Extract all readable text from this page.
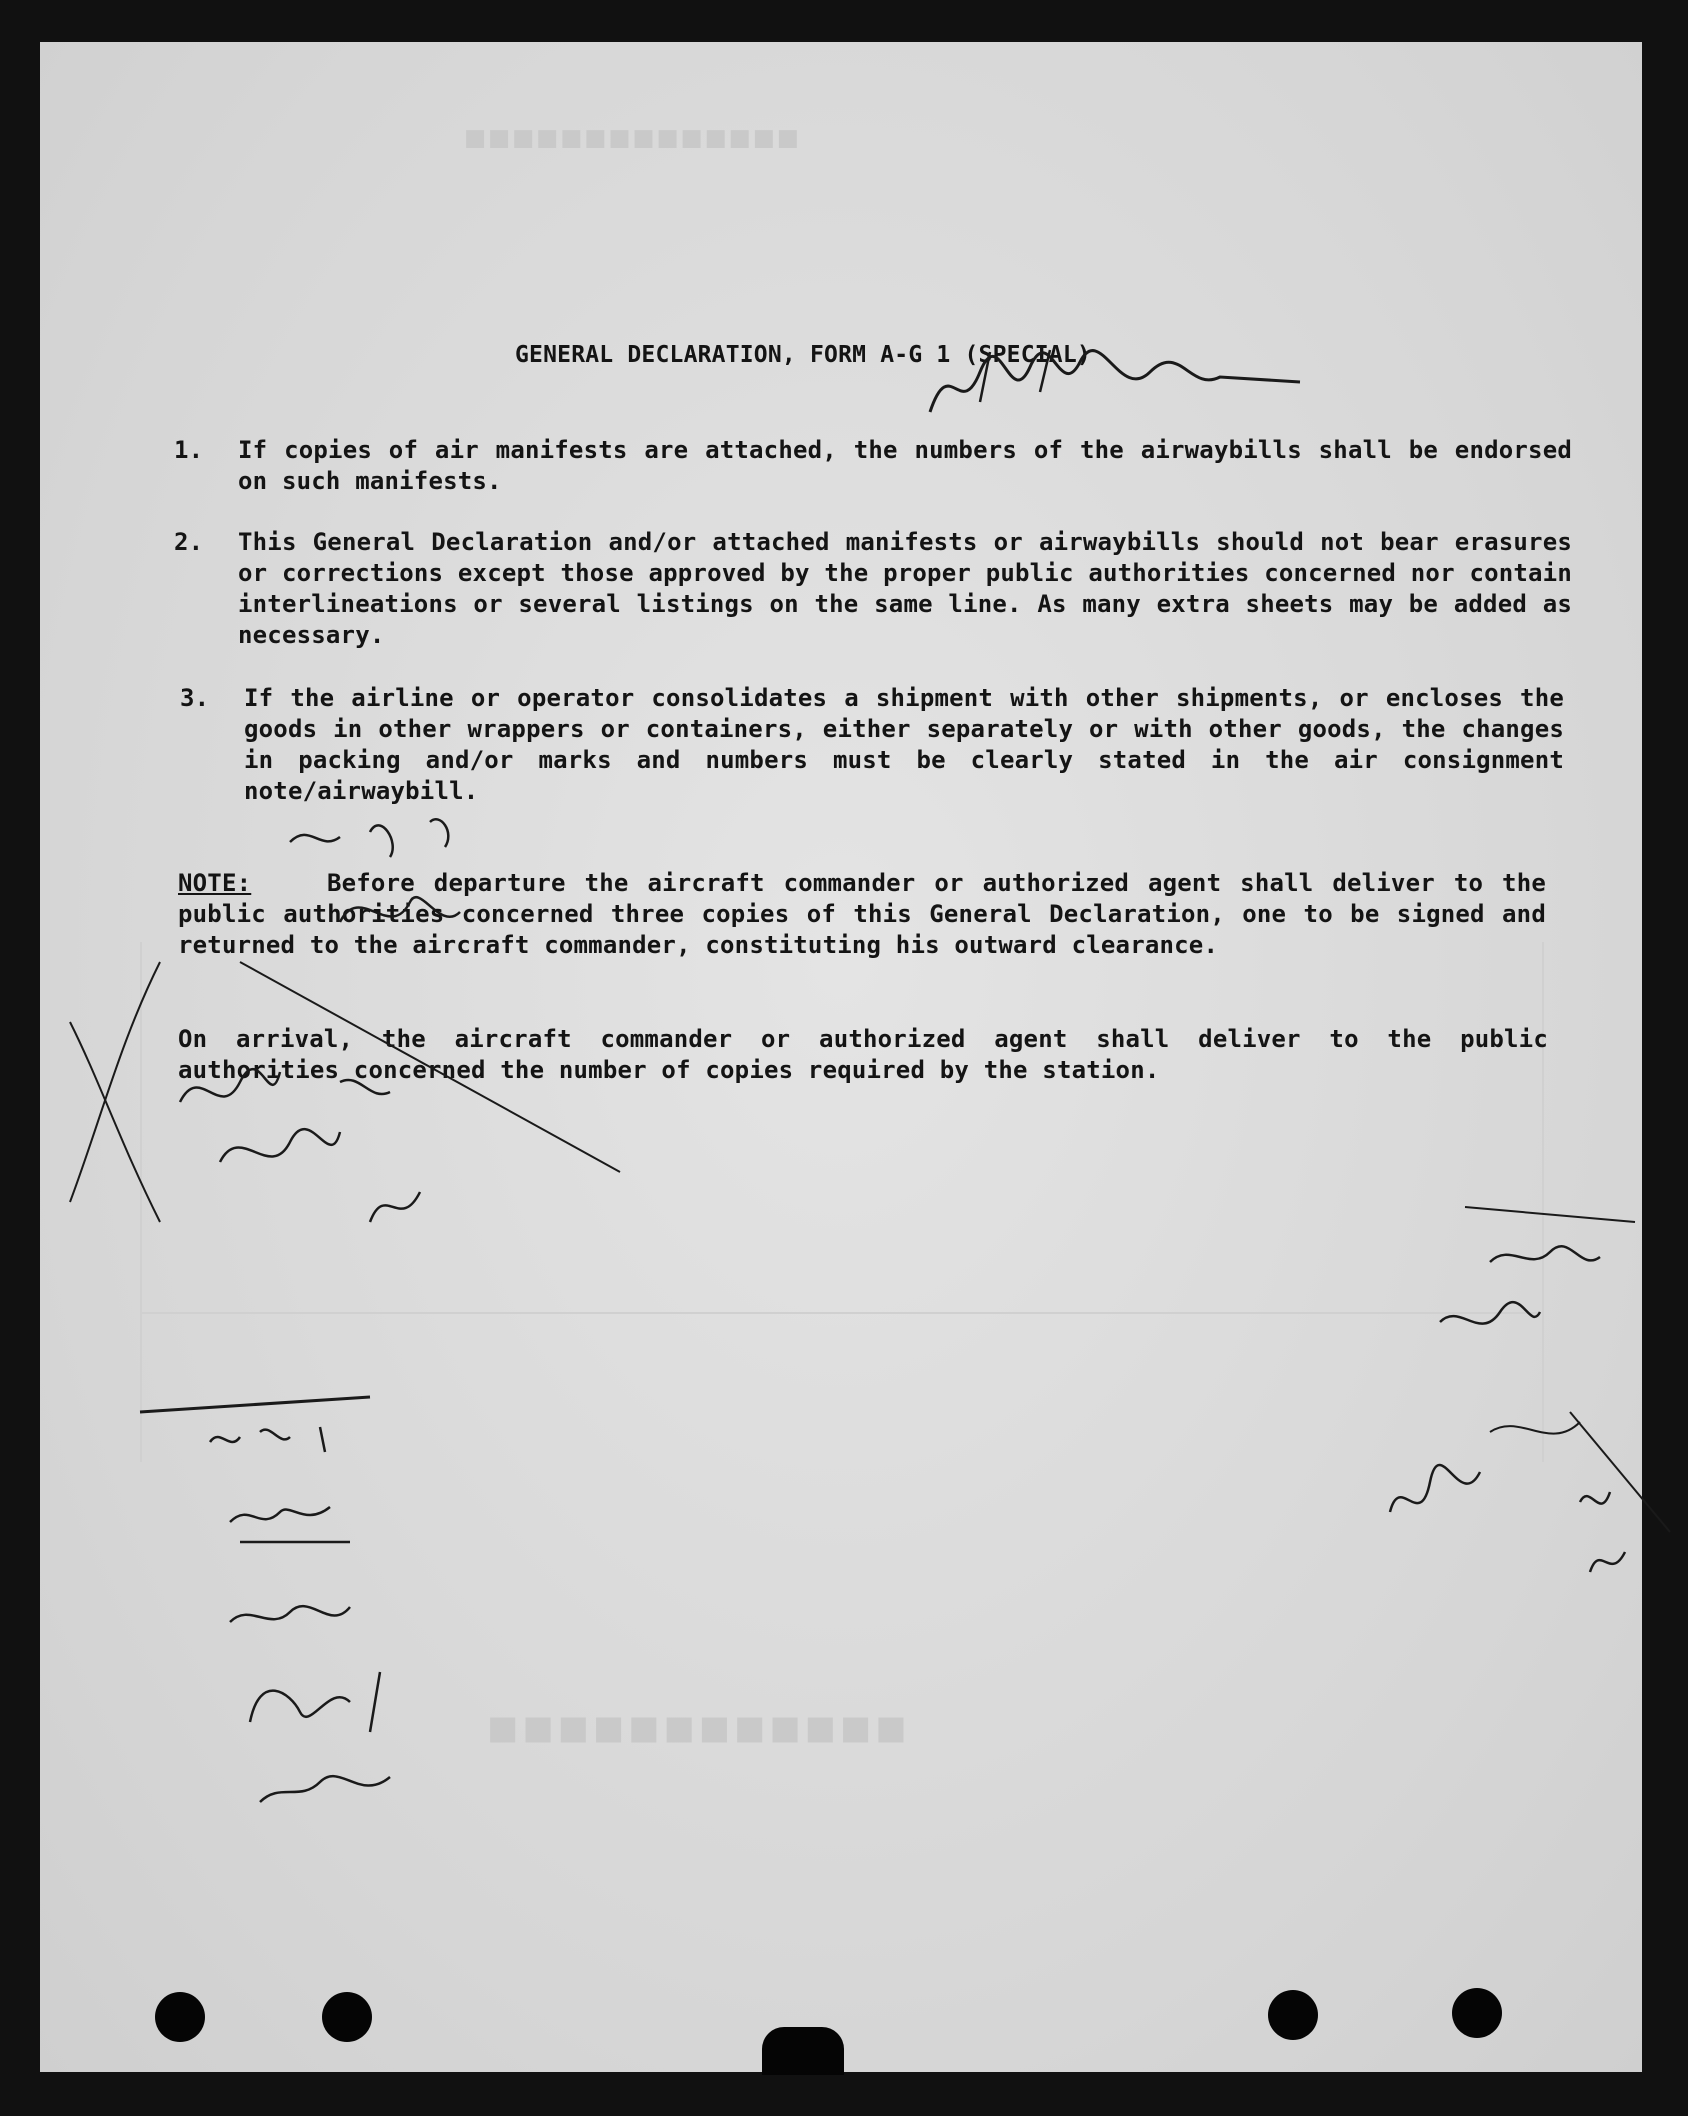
■■■■■■■■■■■■■■
■■■■■■■■■■■■
GENERAL DECLARATION, FORM A-G 1 (SPECIAL)
1. If copies of air manifests are attached, the numbers of the airwaybills shall be endorsed on such manifests.
2. This General Declaration and/or attached manifests or airwaybills should not bear erasures or corrections except those approved by the proper public authorities concerned nor contain interlineations or several listings on the same line. As many extra sheets may be added as necessary.
3. If the airline or operator consolidates a shipment with other shipments, or encloses the goods in other wrappers or containers, either separately or with other goods, the changes in packing and/or marks and numbers must be clearly stated in the air consignment note/airwaybill.
NOTE:	Before departure the aircraft commander or authorized agent shall deliver to the public authorities concerned three copies of this General Declaration, one to be signed and returned to the aircraft commander, constituting his outward clearance.
On arrival, the aircraft commander or authorized agent shall deliver to the public authorities concerned the number of copies required by the station.
